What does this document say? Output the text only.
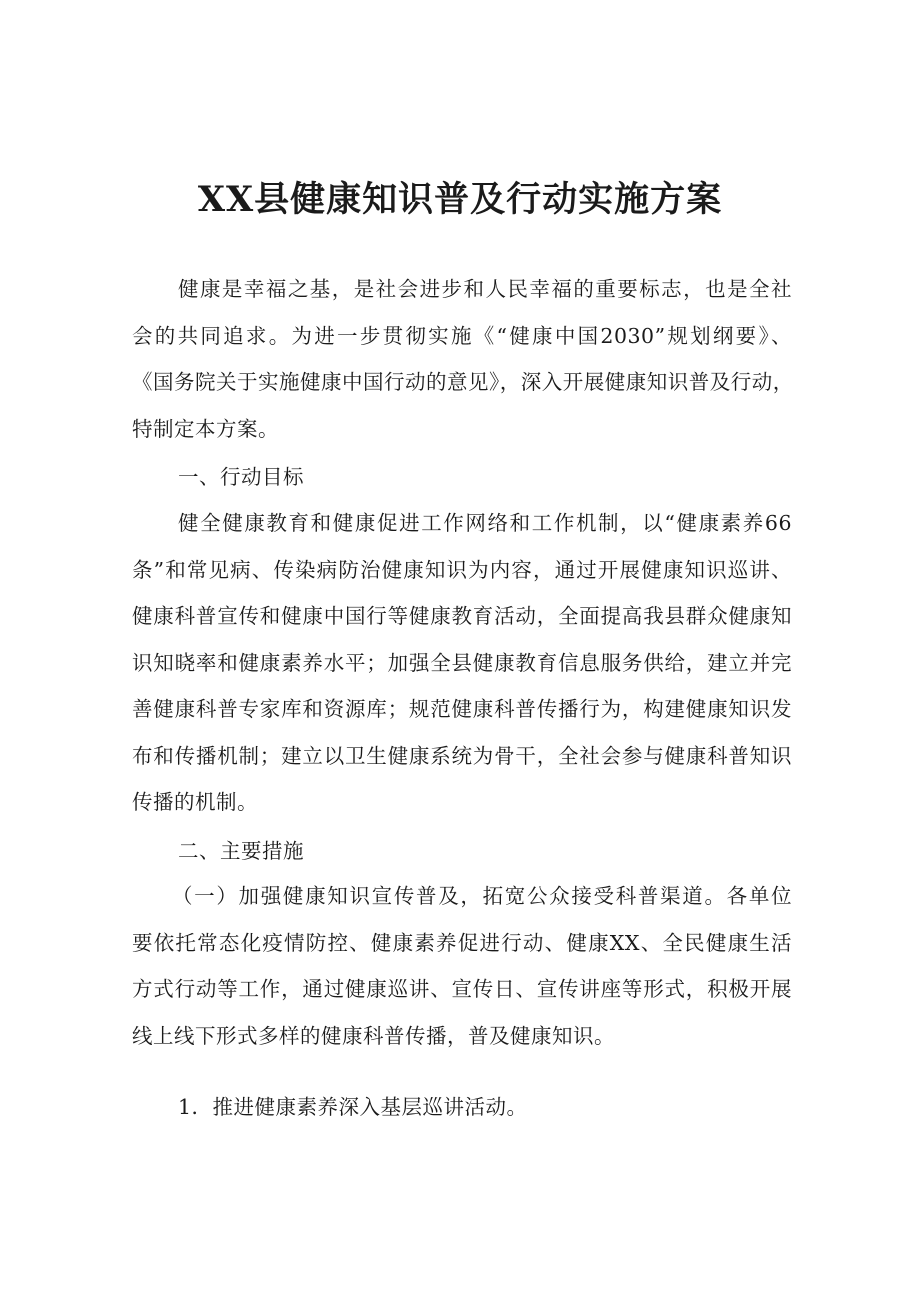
XX县健康知识普及行动实施方案
健康是幸福之基，是社会进步和人民幸福的重要标志，也是全社
会的共同追求。为进一步贯彻实施《“健康中国2030”规划纲要》、
《国务院关于实施健康中国行动的意见》，深入开展健康知识普及行动，
特制定本方案。
一、行动目标
健全健康教育和健康促进工作网络和工作机制，以“健康素养66
条”和常见病、传染病防治健康知识为内容，通过开展健康知识巡讲、
健康科普宣传和健康中国行等健康教育活动，全面提高我县群众健康知
识知晓率和健康素养水平；加强全县健康教育信息服务供给，建立并完
善健康科普专家库和资源库；规范健康科普传播行为，构建健康知识发
布和传播机制；建立以卫生健康系统为骨干，全社会参与健康科普知识
传播的机制。
二、主要措施
（一）加强健康知识宣传普及，拓宽公众接受科普渠道。各单位
要依托常态化疫情防控、健康素养促进行动、健康XX、全民健康生活
方式行动等工作，通过健康巡讲、宣传日、宣传讲座等形式，积极开展
线上线下形式多样的健康科普传播，普及健康知识。
1．推进健康素养深入基层巡讲活动。
